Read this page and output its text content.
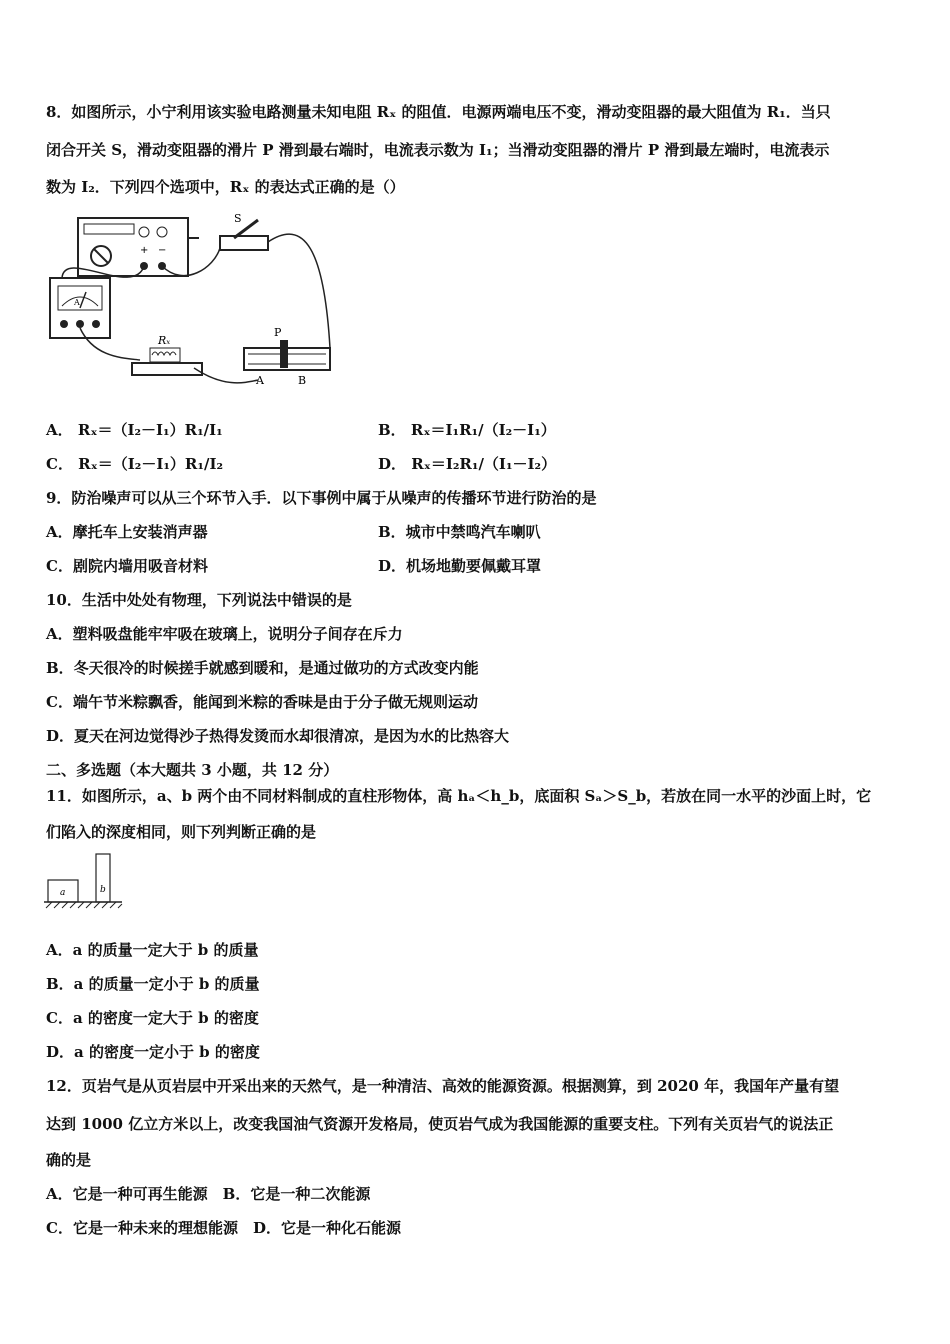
8．如图所示，小宁利用该实验电路测量未知电阻 Rₓ 的阻值．电源两端电压不变，滑动变阻器的最大阻值为 R₁．当只
闭合开关 S，滑动变阻器的滑片 P 滑到最右端时，电流表示数为 I₁；当滑动变阻器的滑片 P 滑到最左端时，电流表示
数为 I₂．下列四个选项中，Rₓ 的表达式正确的是（）
+ −
S
A
Rₓ
P
A	B
A． Rₓ＝（I₂－I₁）R₁/I₁	B． Rₓ＝I₁R₁/（I₂－I₁）
C． Rₓ＝（I₂－I₁）R₁/I₂	D． Rₓ＝I₂R₁/（I₁－I₂）
9．防治噪声可以从三个环节入手．以下事例中属于从噪声的传播环节进行防治的是
A．摩托车上安装消声器	B．城市中禁鸣汽车喇叭
C．剧院内墙用吸音材料	D．机场地勤要佩戴耳罩
10．生活中处处有物理，下列说法中错误的是
A．塑料吸盘能牢牢吸在玻璃上，说明分子间存在斥力
B．冬天很冷的时候搓手就感到暖和，是通过做功的方式改变内能
C．端午节米粽飘香，能闻到米粽的香味是由于分子做无规则运动
D．夏天在河边觉得沙子热得发烫而水却很清凉，是因为水的比热容大
二、多选题（本大题共 3 小题，共 12 分）
11．如图所示，a、b 两个由不同材料制成的直柱形物体，高 hₐ＜h_b，底面积 Sₐ＞S_b，若放在同一水平的沙面上时，它
们陷入的深度相同，则下列判断正确的是
a	b
A．a 的质量一定大于 b 的质量
B．a 的质量一定小于 b 的质量
C．a 的密度一定大于 b 的密度
D．a 的密度一定小于 b 的密度
12．页岩气是从页岩层中开采出来的天然气，是一种清洁、高效的能源资源。根据测算，到 2020 年，我国年产量有望
达到 1000 亿立方米以上，改变我国油气资源开发格局，使页岩气成为我国能源的重要支柱。下列有关页岩气的说法正
确的是
A．它是一种可再生能源　B．它是一种二次能源
C．它是一种未来的理想能源　D．它是一种化石能源
